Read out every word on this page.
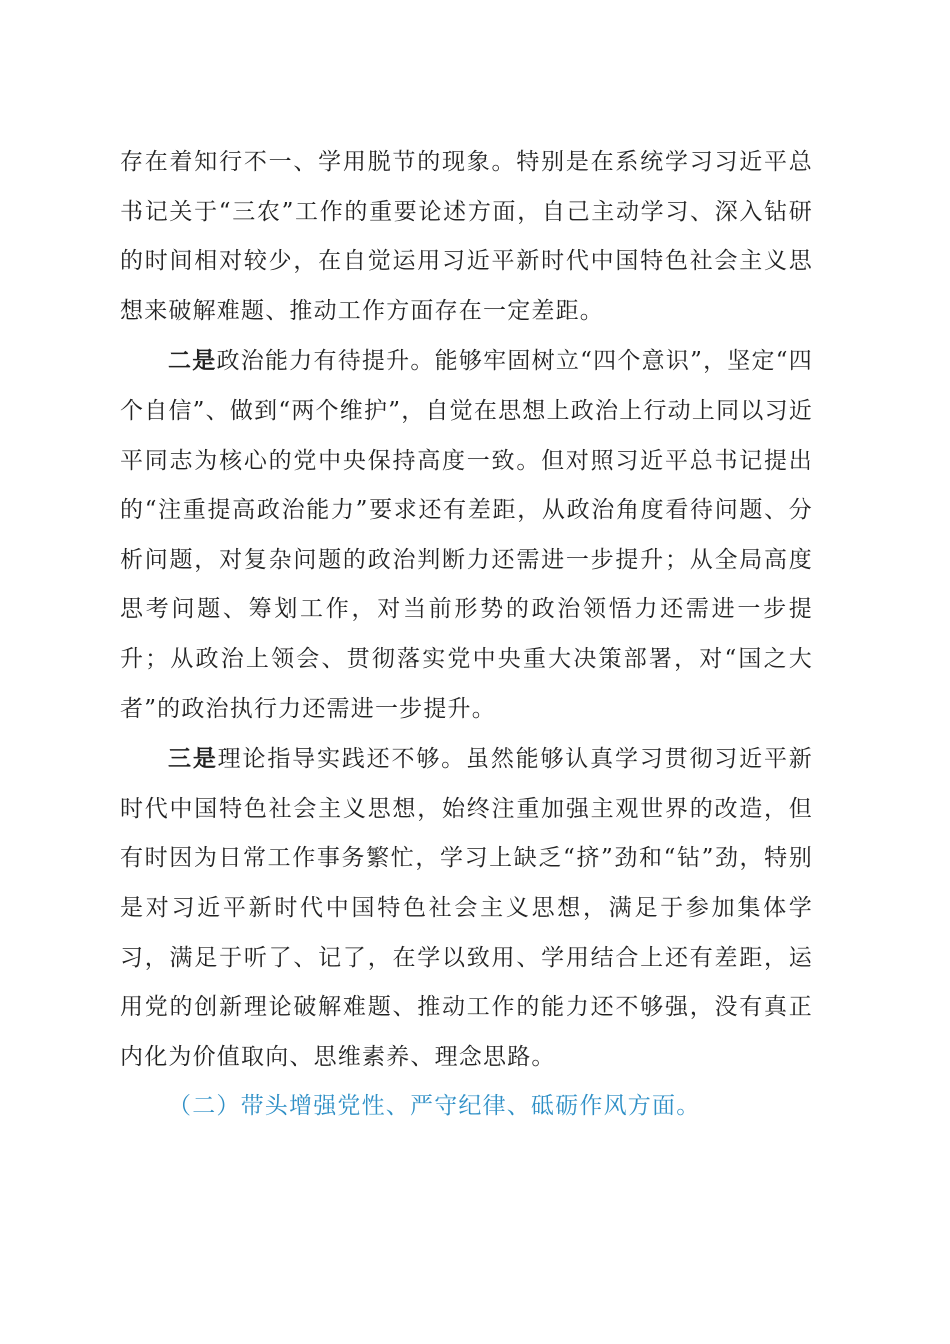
存在着知行不一、学用脱节的现象。特别是在系统学习习近平总书记关于“三农”工作的重要论述方面，自己主动学习、深入钻研的时间相对较少，在自觉运用习近平新时代中国特色社会主义思想来破解难题、推动工作方面存在一定差距。

二是政治能力有待提升。能够牢固树立“四个意识”，坚定“四个自信”、做到“两个维护”，自觉在思想上政治上行动上同以习近平同志为核心的党中央保持高度一致。但对照习近平总书记提出的“注重提高政治能力”要求还有差距，从政治角度看待问题、分析问题，对复杂问题的政治判断力还需进一步提升；从全局高度思考问题、筹划工作，对当前形势的政治领悟力还需进一步提升；从政治上领会、贯彻落实党中央重大决策部署，对“国之大者”的政治执行力还需进一步提升。

三是理论指导实践还不够。虽然能够认真学习贯彻习近平新时代中国特色社会主义思想，始终注重加强主观世界的改造，但有时因为日常工作事务繁忙，学习上缺乏“挤”劲和“钻”劲，特别是对习近平新时代中国特色社会主义思想，满足于参加集体学习，满足于听了、记了，在学以致用、学用结合上还有差距，运用党的创新理论破解难题、推动工作的能力还不够强，没有真正内化为价值取向、思维素养、理念思路。

（二）带头增强党性、严守纪律、砥砺作风方面。
